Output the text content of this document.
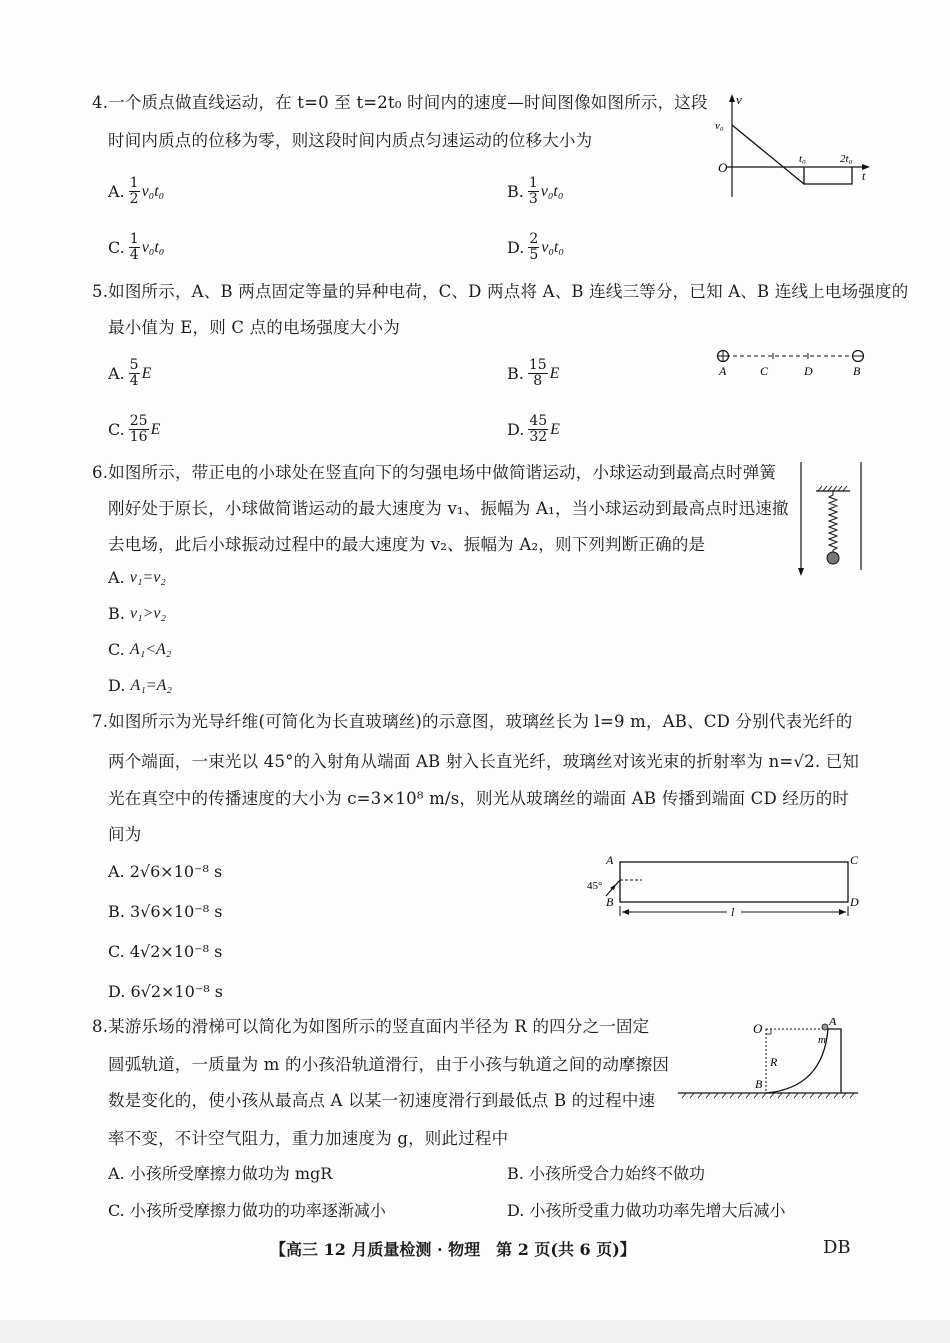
4.一个质点做直线运动，在 t=0 至 t=2t₀ 时间内的速度—时间图像如图所示，这段
时间内质点的位移为零，则这段时间内质点匀速运动的位移大小为
A. $\frac{1}{2} v_0t_0$	B. $\frac{1}{3} v_0t_0$
C. $\frac{1}{4} v_0t_0$	D. $\frac{2}{5} v_0t_0$
v
v₀
O
t₀	2t₀
t
5.如图所示，A、B 两点固定等量的异种电荷，C、D 两点将 A、B 连线三等分，已知 A、B 连线上电场强度的
最小值为 E，则 C 点的电场强度大小为
A. $\frac{5}{4}$ E	B. $\frac{15}{8}$ E
C. $\frac{25}{16}$ E	D. $\frac{45}{32}$ E
A	C	D	B
6.如图所示，带正电的小球处在竖直向下的匀强电场中做简谐运动，小球运动到最高点时弹簧
刚好处于原长，小球做简谐运动的最大速度为 v₁、振幅为 A₁，当小球运动到最高点时迅速撤
去电场，此后小球振动过程中的最大速度为 v₂、振幅为 A₂，则下列判断正确的是
A.
v₁=v₂
B.
v₁>v₂
C.
A₁<A₂
D.
A₁=A₂
7.如图所示为光导纤维(可简化为长直玻璃丝)的示意图，玻璃丝长为 l=9 m，AB、CD 分别代表光纤的
两个端面，一束光以 45°的入射角从端面 AB 射入长直光纤，玻璃丝对该光束的折射率为 n=√2. 已知
光在真空中的传播速度的大小为 c=3×10⁸ m/s，则光从玻璃丝的端面 AB 传播到端面 CD 经历的时
间为
A.
2√6×10⁻⁸ s
B.
3√6×10⁻⁸ s
C.
4√2×10⁻⁸ s
D.
6√2×10⁻⁸ s
A
B
C
D
45°
l
8.某游乐场的滑梯可以简化为如图所示的竖直面内半径为 R 的四分之一固定
圆弧轨道，一质量为 m 的小孩沿轨道滑行，由于小孩与轨道之间的动摩擦因
数是变化的，使小孩从最高点 A 以某一初速度滑行到最低点 B 的过程中速
率不变，不计空气阻力，重力加速度为 g，则此过程中
A.
小孩所受摩擦力做功为 mgR	B.
小孩所受合力始终不做功
C.
小孩所受摩擦力做功的功率逐渐减小	D.
小孩所受重力做功功率先增大后减小
O	A
B
R
m
【高三 12 月质量检测 · 物理　第 2 页(共 6 页)】	DB
